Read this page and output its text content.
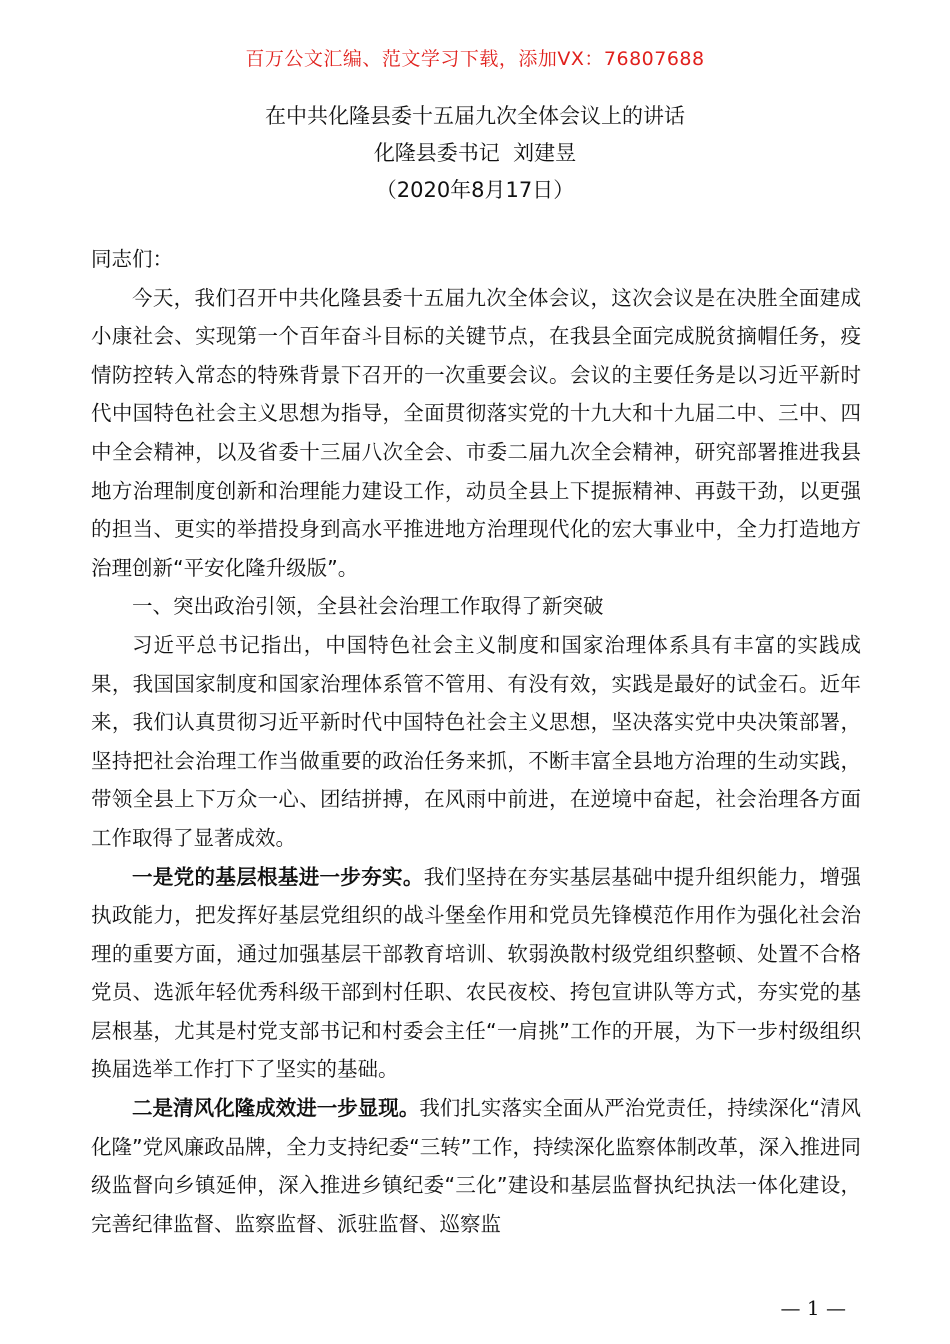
百万公文汇编、范文学习下载，添加VX：76807688
在中共化隆县委十五届九次全体会议上的讲话
化隆县委书记  刘建昱
（2020年8月17日）

同志们：

今天，我们召开中共化隆县委十五届九次全体会议，这次会议是在决胜全面建成小康社会、实现第一个百年奋斗目标的关键节点，在我县全面完成脱贫摘帽任务，疫情防控转入常态的特殊背景下召开的一次重要会议。会议的主要任务是以习近平新时代中国特色社会主义思想为指导，全面贯彻落实党的十九大和十九届二中、三中、四中全会精神，以及省委十三届八次全会、市委二届九次全会精神，研究部署推进我县地方治理制度创新和治理能力建设工作，动员全县上下提振精神、再鼓干劲，以更强的担当、更实的举措投身到高水平推进地方治理现代化的宏大事业中，全力打造地方治理创新“平安化隆升级版”。

一、突出政治引领，全县社会治理工作取得了新突破

习近平总书记指出，中国特色社会主义制度和国家治理体系具有丰富的实践成果，我国国家制度和国家治理体系管不管用、有没有效，实践是最好的试金石。近年来，我们认真贯彻习近平新时代中国特色社会主义思想，坚决落实党中央决策部署，坚持把社会治理工作当做重要的政治任务来抓，不断丰富全县地方治理的生动实践，带领全县上下万众一心、团结拼搏，在风雨中前进，在逆境中奋起，社会治理各方面工作取得了显著成效。

一是党的基层根基进一步夯实。我们坚持在夯实基层基础中提升组织能力，增强执政能力，把发挥好基层党组织的战斗堡垒作用和党员先锋模范作用作为强化社会治理的重要方面，通过加强基层干部教育培训、软弱涣散村级党组织整顿、处置不合格党员、选派年轻优秀科级干部到村任职、农民夜校、挎包宣讲队等方式，夯实党的基层根基，尤其是村党支部书记和村委会主任“一肩挑”工作的开展，为下一步村级组织换届选举工作打下了坚实的基础。

二是清风化隆成效进一步显现。我们扎实落实全面从严治党责任，持续深化“清风化隆”党风廉政品牌，全力支持纪委“三转”工作，持续深化监察体制改革，深入推进同级监督向乡镇延伸，深入推进乡镇纪委“三化”建设和基层监督执纪执法一体化建设，完善纪律监督、监察监督、派驻监督、巡察监

— 1 —
